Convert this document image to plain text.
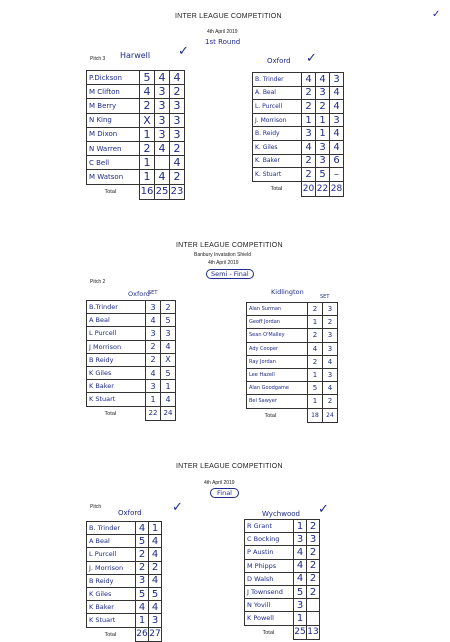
INTER LEAGUE COMPETITION
4th April 2019
1st Round
Pitch 3 Harwell ✓
Oxford ✓
✓
P.Dickson	5	4	4
M Clifton	4	3	2
M Berry	2	3	3
N King	X	3	3
M Dixon	1	3	3
N Warren	2	4	2
C Bell	1		4
M Watson	1	4	2
Total	16	25	23
B. Trinder	4	4	3
A. Beal	2	3	4
L. Purcell	2	2	4
J. Morrison	1	1	3
B. Reidy	3	1	4
K. Giles	4	3	4
K. Baker	2	3	6
K. Stuart	2	5	–
Total	20	22	28
INTER LEAGUE COMPETITION
Banbury Invatation Shield
4th April 2019
Semi - Final
Pitch 2
Oxford
SET	Kidlington
SET
B.Trinder	3	2
A Beal	4	5
L Purcell	3	3
J Morrison	2	4
B Reidy	2	X
K Giles	4	5
K Baker	3	1
K Stuart	1	4
Total	22	24
Alan Surman	2	3
Geoff Jordan	1	2
Sean O'Malley	2	3
Ady Cooper	4	3
Ray Jordan	2	4
Lee Hazell	1	3
Alan Goodgame	5	4
Bel Sawyer	1	2
Total	18	24
INTER LEAGUE COMPETITION
4th April 2019
Final
Pitch
Oxford ✓	Wychwood ✓
B. Trinder	4	1
A Beal	5	4
L Purcell	2	4
J. Morrison	2	2
B Reidy	3	4
K Giles	5	5
K Baker	4	4
K Stuart	1	3
Total	26	27
R Grant	1	2
C Bocking	3	3
P Austin	4	2
M Phipps	4	2
D Walsh	4	2
J Townsend	5	2
N Yovill	3	
K Powell	1	
Total	25	13
